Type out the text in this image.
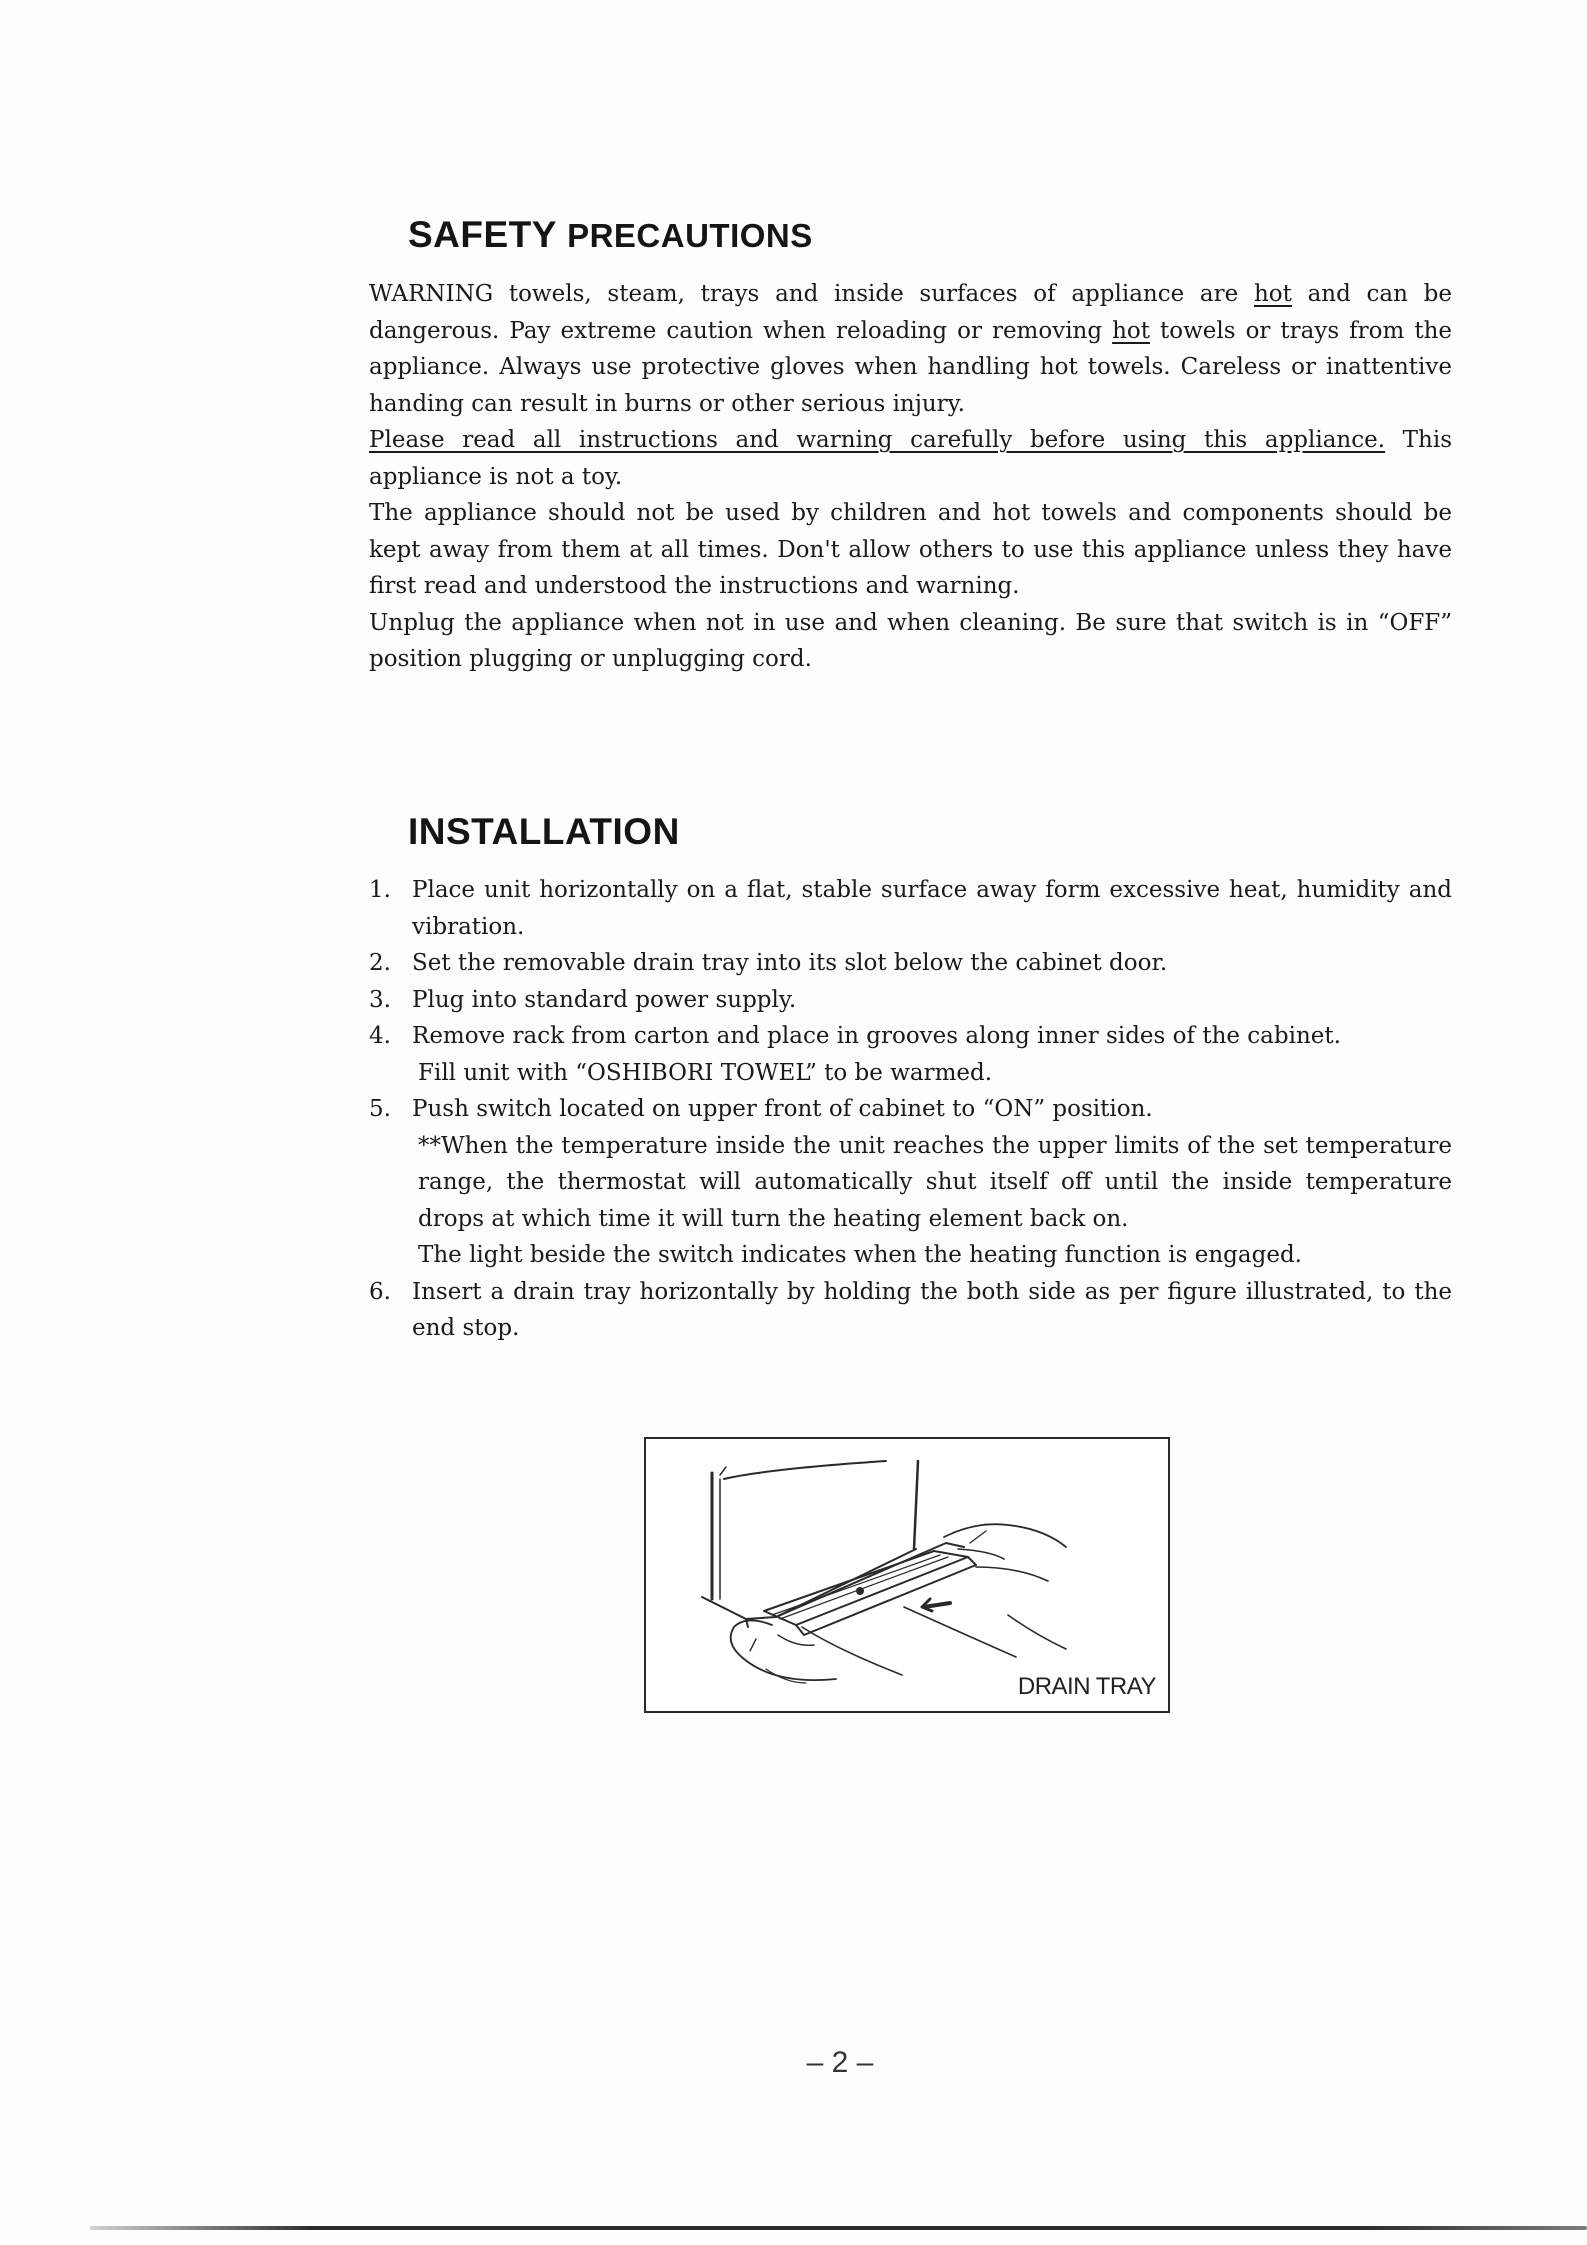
SAFETY PRECAUTIONS

WARNING towels, steam, trays and inside surfaces of appliance are hot and can be dangerous. Pay extreme caution when reloading or removing hot towels or trays from the appliance. Always use protective gloves when handling hot towels. Careless or inattentive handing can result in burns or other serious injury.

Please read all instructions and warning carefully before using this appliance. This appliance is not a toy.

The appliance should not be used by children and hot towels and components should be kept away from them at all times. Don't allow others to use this appliance unless they have first read and understood the instructions and warning.

Unplug the appliance when not in use and when cleaning. Be sure that switch is in “OFF” position plugging or unplugging cord.

INSTALLATION
1. Place unit horizontally on a flat, stable surface away form excessive heat, humidity and vibration.
2. Set the removable drain tray into its slot below the cabinet door.
3. Plug into standard power supply.
4. Remove rack from carton and place in grooves along inner sides of the cabinet.
Fill unit with “OSHIBORI TOWEL” to be warmed.
5. Push switch located on upper front of cabinet to “ON” position.
**When the temperature inside the unit reaches the upper limits of the set temperature range, the thermostat will automatically shut itself off until the inside temperature drops at which time it will turn the heating element back on.
The light beside the switch indicates when the heating function is engaged.
6. Insert a drain tray horizontally by holding the both side as per figure illustrated, to the end stop.
DRAIN TRAY
– 2 –
